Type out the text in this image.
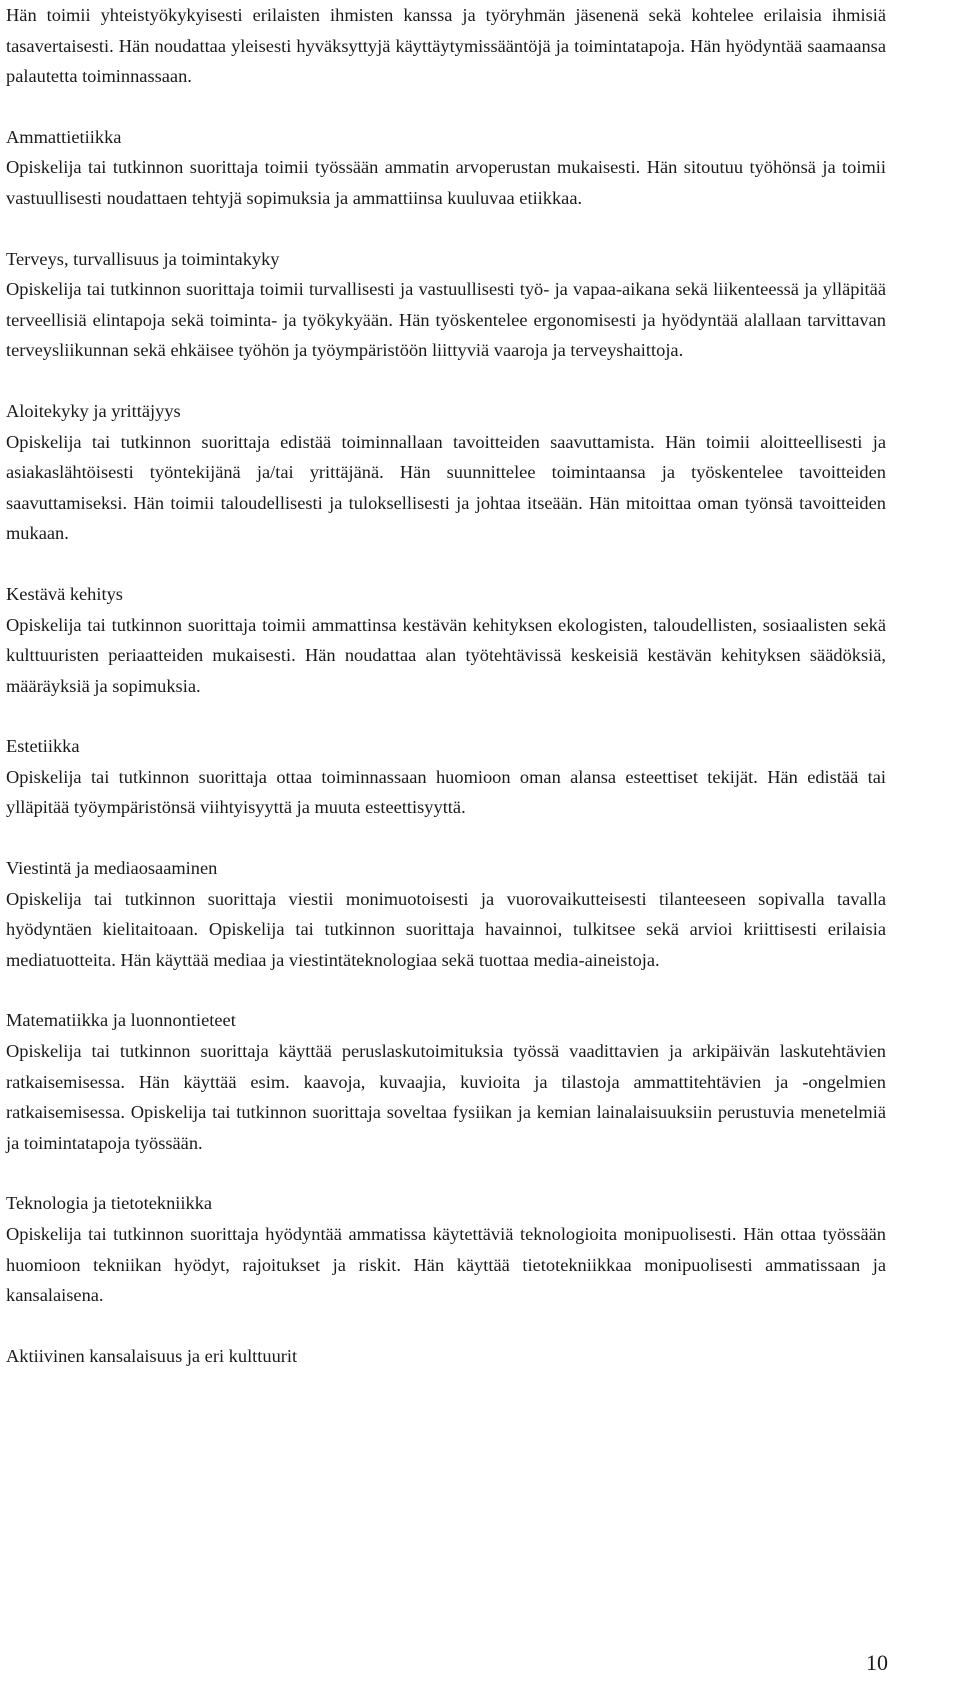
Hän toimii yhteistyökykyisesti erilaisten ihmisten kanssa ja työryhmän jäsenenä sekä kohtelee erilaisia ihmisiä tasavertaisesti. Hän noudattaa yleisesti hyväksyttyjä käyttäytymissääntöjä ja toimintatapoja. Hän hyödyntää saamaansa palautetta toiminnassaan.

Ammattietiikka

Opiskelija tai tutkinnon suorittaja toimii työssään ammatin arvoperustan mukaisesti. Hän sitoutuu työhönsä ja toimii vastuullisesti noudattaen tehtyjä sopimuksia ja ammattiinsa kuuluvaa etiikkaa.

Terveys, turvallisuus ja toimintakyky

Opiskelija tai tutkinnon suorittaja toimii turvallisesti ja vastuullisesti työ- ja vapaa-aikana sekä liikenteessä ja ylläpitää terveellisiä elintapoja sekä toiminta- ja työkykyään. Hän työskentelee ergonomisesti ja hyödyntää alallaan tarvittavan terveysliikunnan sekä ehkäisee työhön ja työympäristöön liittyviä vaaroja ja terveyshaittoja.

Aloitekyky ja yrittäjyys

Opiskelija tai tutkinnon suorittaja edistää toiminnallaan tavoitteiden saavuttamista. Hän toimii aloitteellisesti ja asiakaslähtöisesti työntekijänä ja/tai yrittäjänä. Hän suunnittelee toimintaansa ja työskentelee tavoitteiden saavuttamiseksi. Hän toimii taloudellisesti ja tuloksellisesti ja johtaa itseään. Hän mitoittaa oman työnsä tavoitteiden mukaan.

Kestävä kehitys

Opiskelija tai tutkinnon suorittaja toimii ammattinsa kestävän kehityksen ekologisten, taloudellisten, sosiaalisten sekä kulttuuristen periaatteiden mukaisesti. Hän noudattaa alan työtehtävissä keskeisiä kestävän kehityksen säädöksiä, määräyksiä ja sopimuksia.

Estetiikka

Opiskelija tai tutkinnon suorittaja ottaa toiminnassaan huomioon oman alansa esteettiset tekijät. Hän edistää tai ylläpitää työympäristönsä viihtyisyyttä ja muuta esteettisyyttä.

Viestintä ja mediaosaaminen

Opiskelija tai tutkinnon suorittaja viestii monimuotoisesti ja vuorovaikutteisesti tilanteeseen sopivalla tavalla hyödyntäen kielitaitoaan. Opiskelija tai tutkinnon suorittaja havainnoi, tulkitsee sekä arvioi kriittisesti erilaisia mediatuotteita. Hän käyttää mediaa ja viestintäteknologiaa sekä tuottaa media-aineistoja.

Matematiikka ja luonnontieteet

Opiskelija tai tutkinnon suorittaja käyttää peruslaskutoimituksia työssä vaadittavien ja arkipäivän laskutehtävien ratkaisemisessa. Hän käyttää esim. kaavoja, kuvaajia, kuvioita ja tilastoja ammattitehtävien ja -ongelmien ratkaisemisessa. Opiskelija tai tutkinnon suorittaja soveltaa fysiikan ja kemian lainalaisuuksiin perustuvia menetelmiä ja toimintatapoja työssään.

Teknologia ja tietotekniikka

Opiskelija tai tutkinnon suorittaja hyödyntää ammatissa käytettäviä teknologioita monipuolisesti. Hän ottaa työssään huomioon tekniikan hyödyt, rajoitukset ja riskit. Hän käyttää tietotekniikkaa monipuolisesti ammatissaan ja kansalaisena.

Aktiivinen kansalaisuus ja eri kulttuurit

10
